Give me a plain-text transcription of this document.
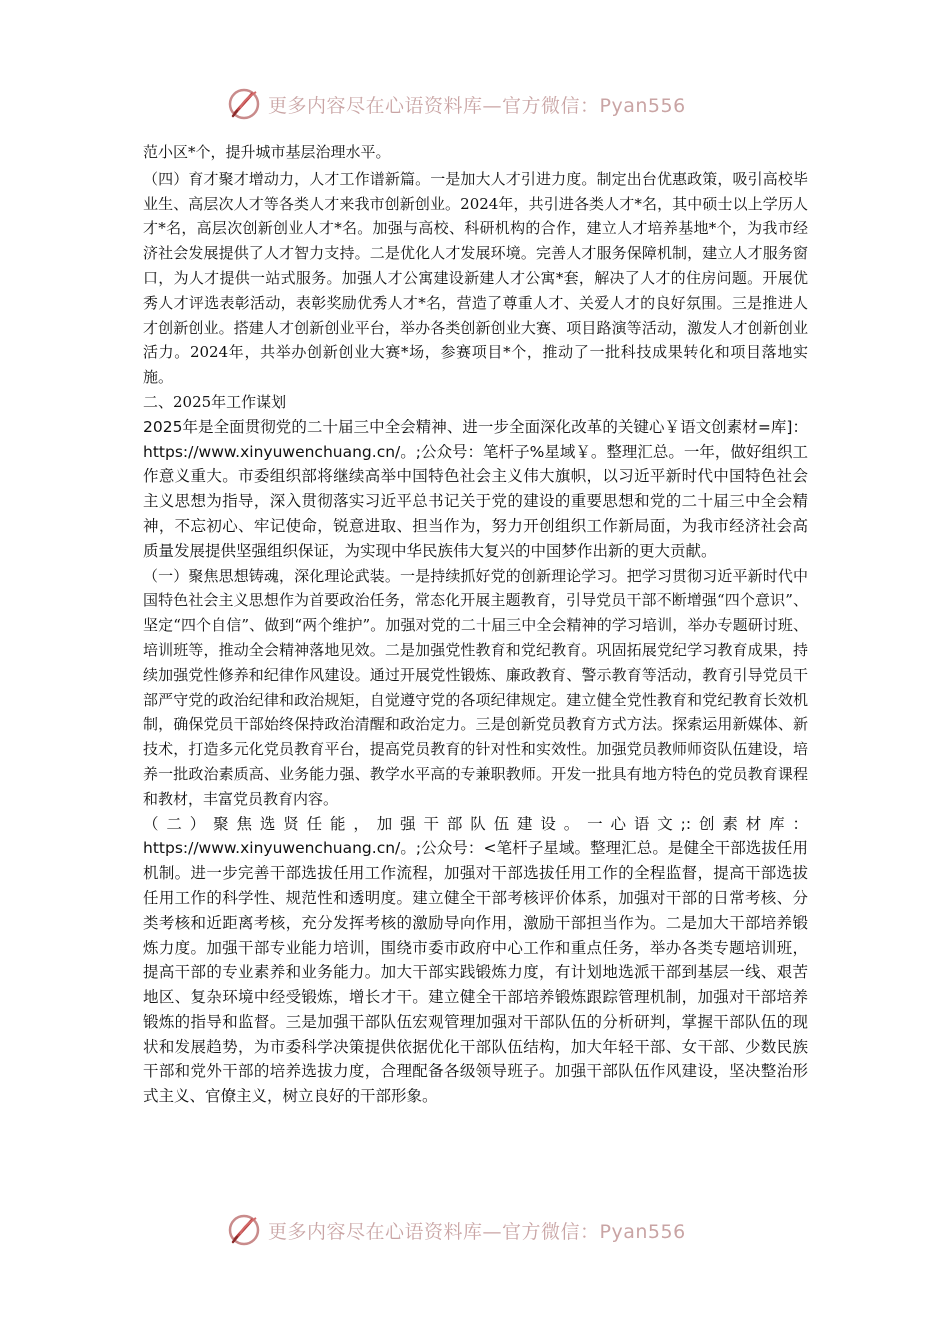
更多内容尽在心语资料库—官方微信：Pyan556

范小区*个，提升城市基层治理水平。

（四）育才聚才增动力，人才工作谱新篇。一是加大人才引进力度。制定出台优惠政策，吸引高校毕业生、高层次人才等各类人才来我市创新创业。2024年，共引进各类人才*名，其中硕士以上学历人才*名，高层次创新创业人才*名。加强与高校、科研机构的合作，建立人才培养基地*个，为我市经济社会发展提供了人才智力支持。二是优化人才发展环境。完善人才服务保障机制，建立人才服务窗口，为人才提供一站式服务。加强人才公寓建设新建人才公寓*套，解决了人才的住房问题。开展优秀人才评选表彰活动，表彰奖励优秀人才*名，营造了尊重人才、关爱人才的良好氛围。三是推进人才创新创业。搭建人才创新创业平台，举办各类创新创业大赛、项目路演等活动，激发人才创新创业活力。2024年，共举办创新创业大赛*场，参赛项目*个，推动了一批科技成果转化和项目落地实施。

二、2025年工作谋划

2025年是全面贯彻党的二十届三中全会精神、进一步全面深化改革的关键心￥语文创素材=库]：https://www.xinyuwenchuang.cn/。;公众号：笔杆子%星域￥。整理汇总。一年，做好组织工作意义重大。市委组织部将继续高举中国特色社会主义伟大旗帜，以习近平新时代中国特色社会主义思想为指导，深入贯彻落实习近平总书记关于党的建设的重要思想和党的二十届三中全会精神，不忘初心、牢记使命，锐意进取、担当作为，努力开创组织工作新局面，为我市经济社会高质量发展提供坚强组织保证，为实现中华民族伟大复兴的中国梦作出新的更大贡献。

（一）聚焦思想铸魂，深化理论武装。一是持续抓好党的创新理论学习。把学习贯彻习近平新时代中国特色社会主义思想作为首要政治任务，常态化开展主题教育，引导党员干部不断增强“四个意识”、坚定“四个自信”、做到“两个维护”。加强对党的二十届三中全会精神的学习培训，举办专题研讨班、培训班等，推动全会精神落地见效。二是加强党性教育和党纪教育。巩固拓展党纪学习教育成果，持续加强党性修养和纪律作风建设。通过开展党性锻炼、廉政教育、警示教育等活动，教育引导党员干部严守党的政治纪律和政治规矩，自觉遵守党的各项纪律规定。建立健全党性教育和党纪教育长效机制，确保党员干部始终保持政治清醒和政治定力。三是创新党员教育方式方法。探索运用新媒体、新技术，打造多元化党员教育平台，提高党员教育的针对性和实效性。加强党员教师师资队伍建设，培养一批政治素质高、业务能力强、教学水平高的专兼职教师。开发一批具有地方特色的党员教育课程和教材，丰富党员教育内容。

（二）聚焦选贤任能，加强干部队伍建设。一心语文;:创素材库：https://www.xinyuwenchuang.cn/。;公众号：<笔杆子星域。整理汇总。是健全干部选拔任用机制。进一步完善干部选拔任用工作流程，加强对干部选拔任用工作的全程监督，提高干部选拔任用工作的科学性、规范性和透明度。建立健全干部考核评价体系，加强对干部的日常考核、分类考核和近距离考核，充分发挥考核的激励导向作用，激励干部担当作为。二是加大干部培养锻炼力度。加强干部专业能力培训，围绕市委市政府中心工作和重点任务，举办各类专题培训班，提高干部的专业素养和业务能力。加大干部实践锻炼力度，有计划地选派干部到基层一线、艰苦地区、复杂环境中经受锻炼，增长才干。建立健全干部培养锻炼跟踪管理机制，加强对干部培养锻炼的指导和监督。三是加强干部队伍宏观管理加强对干部队伍的分析研判，掌握干部队伍的现状和发展趋势，为市委科学决策提供依据优化干部队伍结构，加大年轻干部、女干部、少数民族干部和党外干部的培养选拔力度，合理配备各级领导班子。加强干部队伍作风建设，坚决整治形式主义、官僚主义，树立良好的干部形象。

更多内容尽在心语资料库—官方微信：Pyan556
